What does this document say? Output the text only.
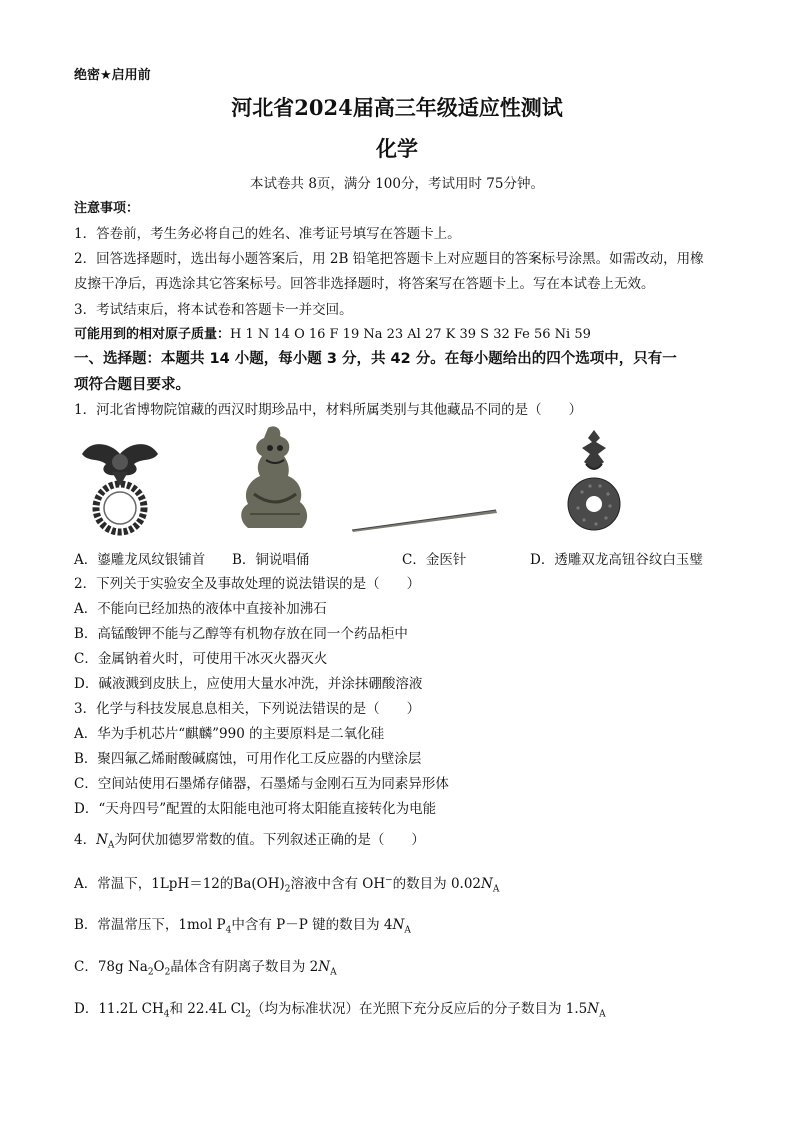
绝密★启用前
河北省2024届高三年级适应性测试
化学
本试卷共 8页，满分 100分，考试用时 75分钟。
注意事项：
1．答卷前，考生务必将自己的姓名、准考证号填写在答题卡上。
2．回答选择题时，选出每小题答案后，用 2B 铅笔把答题卡上对应题目的答案标号涂黑。如需改动，用橡
皮擦干净后，再选涂其它答案标号。回答非选择题时，将答案写在答题卡上。写在本试卷上无效。
3．考试结束后，将本试卷和答题卡一并交回。
可能用到的相对原子质量：H 1 N 14 O 16 F 19 Na 23 Al 27 K 39 S 32 Fe 56 Ni 59
一、选择题：本题共 14 小题，每小题 3 分，共 42 分。在每小题给出的四个选项中，只有一
项符合题目要求。
1．河北省博物院馆藏的西汉时期珍品中，材料所属类别与其他藏品不同的是（　　）
A．鎏雕龙凤纹银铺首 B．铜说唱俑	C．金医针	D．透雕双龙高钮谷纹白玉璧
2．下列关于实验安全及事故处理的说法错误的是（　　）
A．不能向已经加热的液体中直接补加沸石
B．高锰酸钾不能与乙醇等有机物存放在同一个药品柜中
C．金属钠着火时，可使用干冰灭火器灭火
D．碱液溅到皮肤上，应使用大量水冲洗，并涂抹硼酸溶液
3．化学与科技发展息息相关，下列说法错误的是（　　）
A．华为手机芯片“麒麟”990 的主要原料是二氧化硅
B．聚四氟乙烯耐酸碱腐蚀，可用作化工反应器的内壁涂层
C．空间站使用石墨烯存储器，石墨烯与金刚石互为同素异形体
D．“天舟四号”配置的太阳能电池可将太阳能直接转化为电能
4．$N_A$为阿伏加德罗常数的值。下列叙述正确的是（　　）
A．常温下，1LpH＝12的$Ba(OH)_2$溶液中含有 OH−的数目为 $0.02N_A$
B．常温常压下，1mol $P_4$中含有 P－P 键的数目为 $4N_A$
C．78g $Na_2O_2$晶体含有阴离子数目为 $2N_A$
D．11.2L $CH_4$和 22.4L $Cl_2$（均为标准状况）在光照下充分反应后的分子数目为 $1.5N_A$
